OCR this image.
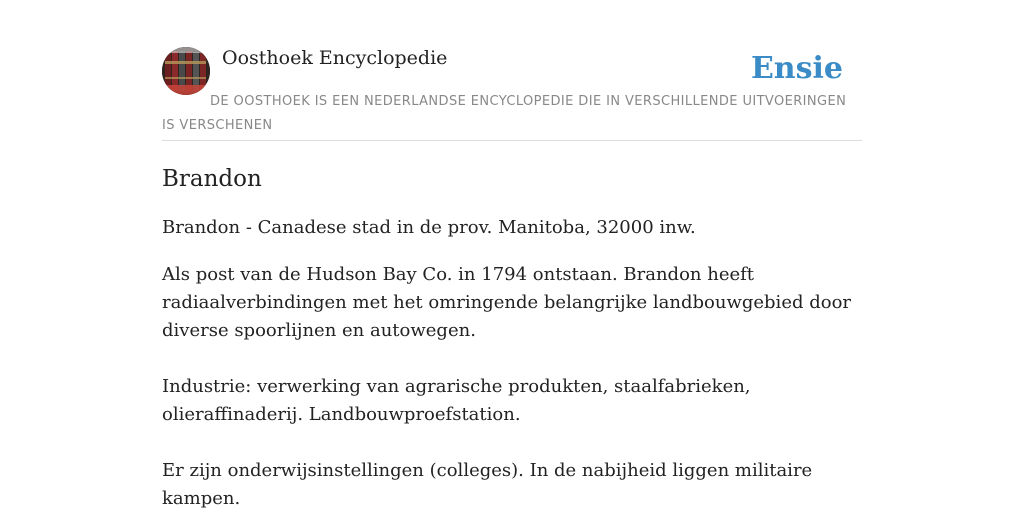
Oosthoek Encyclopedie	Ensie
DE OOSTHOEK IS EEN NEDERLANDSE ENCYCLOPEDIE DIE IN VERSCHILLENDE UITVOERINGEN IS VERSCHENEN
Brandon

Brandon - Canadese stad in de prov. Manitoba, 32000 inw.

Als post van de Hudson Bay Co. in 1794 ontstaan. Brandon heeft radiaalverbindingen met het omringende belangrijke landbouwgebied door diverse spoorlijnen en autowegen.

Industrie: verwerking van agrarische produkten, staalfabrieken, olieraffinaderij. Landbouwproefstation.

Er zijn onderwijsinstellingen (colleges). In de nabijheid liggen militaire kampen.
